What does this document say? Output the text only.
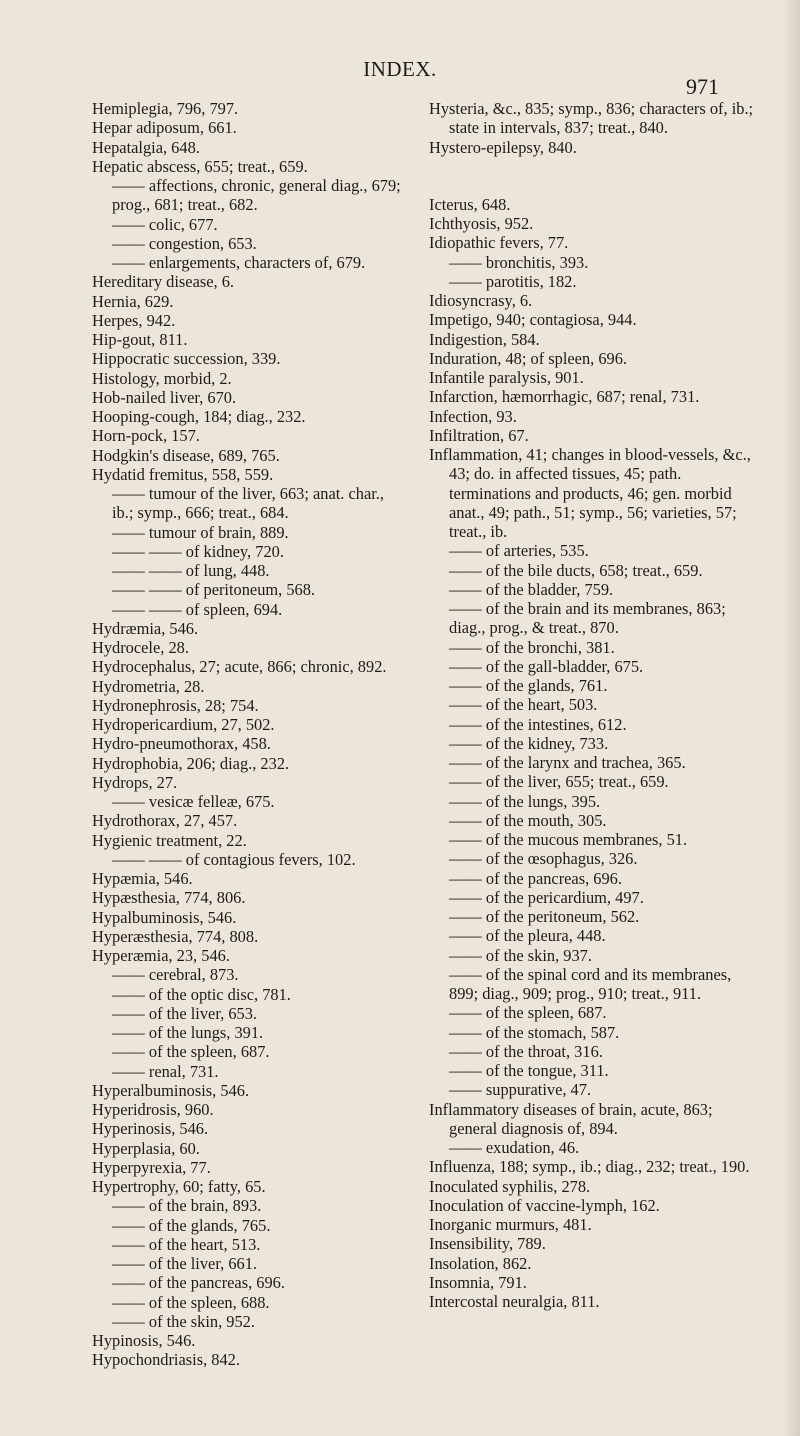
INDEX.
971
Hemiplegia, 796, 797.
Hepar adiposum, 661.
Hepatalgia, 648.
Hepatic abscess, 655; treat., 659.
—— affections, chronic, general diag., 679; prog., 681; treat., 682.
—— colic, 677.
—— congestion, 653.
—— enlargements, characters of, 679.
Hereditary disease, 6.
Hernia, 629.
Herpes, 942.
Hip-gout, 811.
Hippocratic succession, 339.
Histology, morbid, 2.
Hob-nailed liver, 670.
Hooping-cough, 184; diag., 232.
Horn-pock, 157.
Hodgkin's disease, 689, 765.
Hydatid fremitus, 558, 559.
—— tumour of the liver, 663; anat. char., ib.; symp., 666; treat., 684.
—— tumour of brain, 889.
—— —— of kidney, 720.
—— —— of lung, 448.
—— —— of peritoneum, 568.
—— —— of spleen, 694.
Hydræmia, 546.
Hydrocele, 28.
Hydrocephalus, 27; acute, 866; chronic, 892.
Hydrometria, 28.
Hydronephrosis, 28; 754.
Hydropericardium, 27, 502.
Hydro-pneumothorax, 458.
Hydrophobia, 206; diag., 232.
Hydrops, 27.
—— vesicæ felleæ, 675.
Hydrothorax, 27, 457.
Hygienic treatment, 22.
—— —— of contagious fevers, 102.
Hypæmia, 546.
Hypæsthesia, 774, 806.
Hypalbuminosis, 546.
Hyperæsthesia, 774, 808.
Hyperæmia, 23, 546.
—— cerebral, 873.
—— of the optic disc, 781.
—— of the liver, 653.
—— of the lungs, 391.
—— of the spleen, 687.
—— renal, 731.
Hyperalbuminosis, 546.
Hyperidrosis, 960.
Hyperinosis, 546.
Hyperplasia, 60.
Hyperpyrexia, 77.
Hypertrophy, 60; fatty, 65.
—— of the brain, 893.
—— of the glands, 765.
—— of the heart, 513.
—— of the liver, 661.
—— of the pancreas, 696.
—— of the spleen, 688.
—— of the skin, 952.
Hypinosis, 546.
Hypochondriasis, 842.
Hysteria, &c., 835; symp., 836; characters of, ib.; state in intervals, 837; treat., 840.
Hystero-epilepsy, 840.
Icterus, 648.
Ichthyosis, 952.
Idiopathic fevers, 77.
—— bronchitis, 393.
—— parotitis, 182.
Idiosyncrasy, 6.
Impetigo, 940; contagiosa, 944.
Indigestion, 584.
Induration, 48; of spleen, 696.
Infantile paralysis, 901.
Infarction, hæmorrhagic, 687; renal, 731.
Infection, 93.
Infiltration, 67.
Inflammation, 41; changes in blood-vessels, &c., 43; do. in affected tissues, 45; path. terminations and products, 46; gen. morbid anat., 49; path., 51; symp., 56; varieties, 57; treat., ib.
—— of arteries, 535.
—— of the bile ducts, 658; treat., 659.
—— of the bladder, 759.
—— of the brain and its membranes, 863; diag., prog., & treat., 870.
—— of the bronchi, 381.
—— of the gall-bladder, 675.
—— of the glands, 761.
—— of the heart, 503.
—— of the intestines, 612.
—— of the kidney, 733.
—— of the larynx and trachea, 365.
—— of the liver, 655; treat., 659.
—— of the lungs, 395.
—— of the mouth, 305.
—— of the mucous membranes, 51.
—— of the œsophagus, 326.
—— of the pancreas, 696.
—— of the pericardium, 497.
—— of the peritoneum, 562.
—— of the pleura, 448.
—— of the skin, 937.
—— of the spinal cord and its membranes, 899; diag., 909; prog., 910; treat., 911.
—— of the spleen, 687.
—— of the stomach, 587.
—— of the throat, 316.
—— of the tongue, 311.
—— suppurative, 47.
Inflammatory diseases of brain, acute, 863; general diagnosis of, 894.
—— exudation, 46.
Influenza, 188; symp., ib.; diag., 232; treat., 190.
Inoculated syphilis, 278.
Inoculation of vaccine-lymph, 162.
Inorganic murmurs, 481.
Insensibility, 789.
Insolation, 862.
Insomnia, 791.
Intercostal neuralgia, 811.
